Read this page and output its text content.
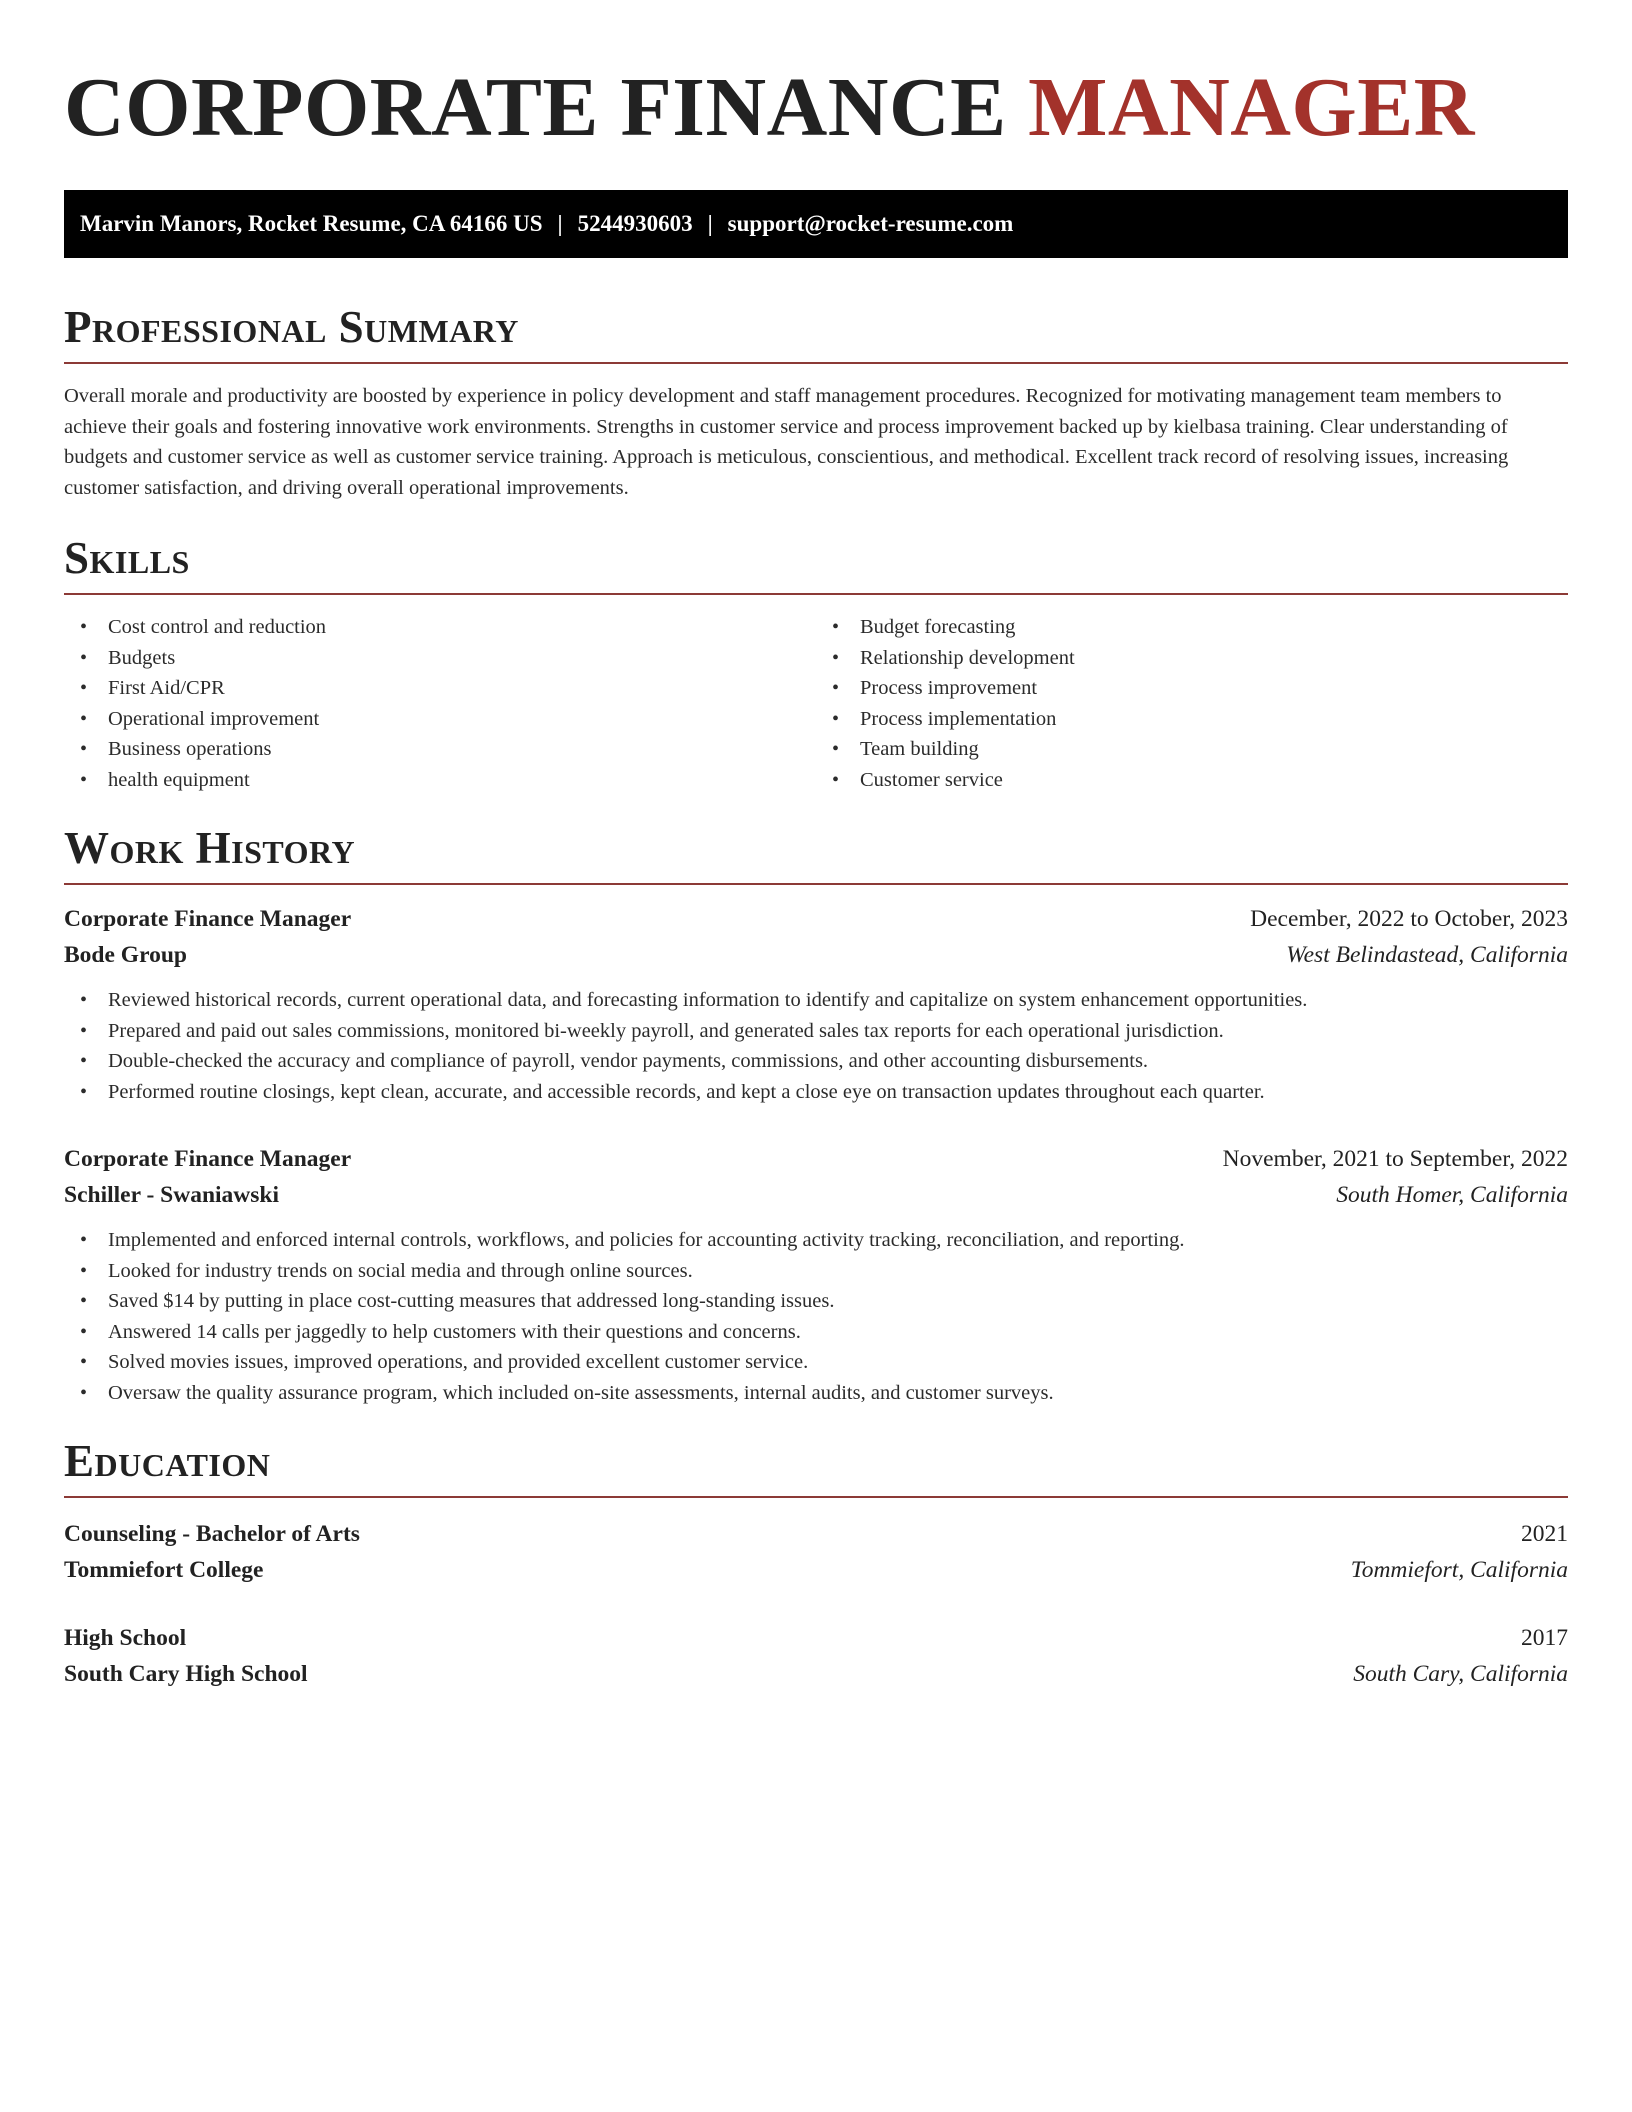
CORPORATE FINANCE MANAGER
Marvin Manors, Rocket Resume, CA 64166 US | 5244930603 | support@rocket-resume.com
Professional Summary

Overall morale and productivity are boosted by experience in policy development and staff management procedures. Recognized for motivating management team members to achieve their goals and fostering innovative work environments. Strengths in customer service and process improvement backed up by kielbasa training. Clear understanding of budgets and customer service as well as customer service training. Approach is meticulous, conscientious, and methodical. Excellent track record of resolving issues, increasing customer satisfaction, and driving overall operational improvements.

Skills
• Cost control and reduction
• Budgets
• First Aid/CPR
• Operational improvement
• Business operations
• health equipment
• Budget forecasting
• Relationship development
• Process improvement
• Process implementation
• Team building
• Customer service
Work History
Corporate Finance Manager	December, 2022 to October, 2023
Bode Group	West Belindastead, California
• Reviewed historical records, current operational data, and forecasting information to identify and capitalize on system enhancement opportunities.
• Prepared and paid out sales commissions, monitored bi-weekly payroll, and generated sales tax reports for each operational jurisdiction.
• Double-checked the accuracy and compliance of payroll, vendor payments, commissions, and other accounting disbursements.
• Performed routine closings, kept clean, accurate, and accessible records, and kept a close eye on transaction updates throughout each quarter.
Corporate Finance Manager	November, 2021 to September, 2022
Schiller - Swaniawski	South Homer, California
• Implemented and enforced internal controls, workflows, and policies for accounting activity tracking, reconciliation, and reporting.
• Looked for industry trends on social media and through online sources.
• Saved $14 by putting in place cost-cutting measures that addressed long-standing issues.
• Answered 14 calls per jaggedly to help customers with their questions and concerns.
• Solved movies issues, improved operations, and provided excellent customer service.
• Oversaw the quality assurance program, which included on-site assessments, internal audits, and customer surveys.
Education
Counseling - Bachelor of Arts	2021
Tommiefort College	Tommiefort, California
High School	2017
South Cary High School	South Cary, California
